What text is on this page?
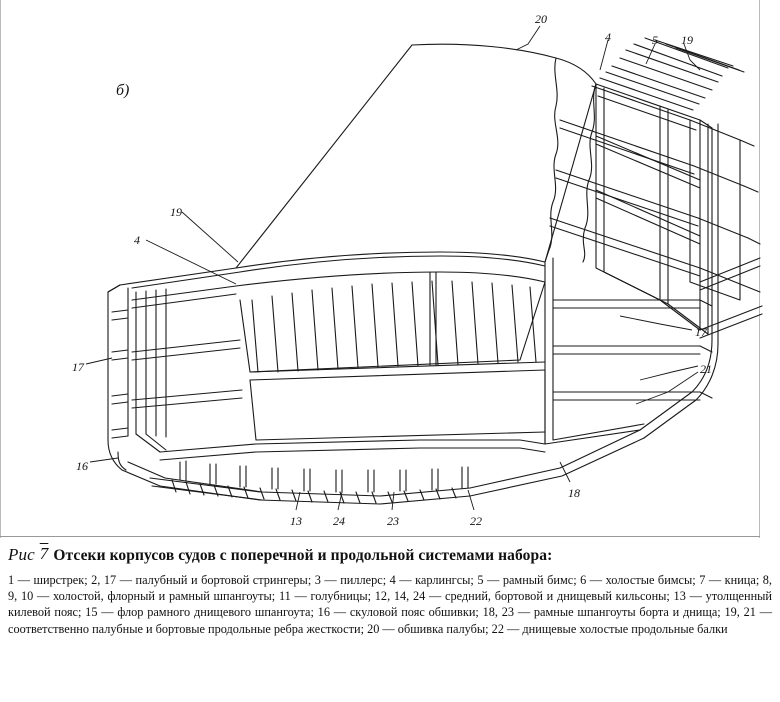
б)
20
4	5 19
19
4
17
21
17
16
18
13	24	23	22
Рис 7 Отсеки корпусов судов с поперечной и продольной системами набора:
1 — ширстрек; 2, 17 — палубный и бортовой стрингеры; 3 — пиллерс; 4 — карлингсы; 5 — рамный бимс; 6 — холостые бимсы; 7 — кница; 8, 9, 10 — холостой, флорный и рамный шпангоуты; 11 — голубницы; 12, 14, 24 — средний, бортовой и днищевый кильсоны; 13 — утолщенный килевой пояс; 15 — флор рамного днищевого шпангоута; 16 — скуловой пояс обшивки; 18, 23 — рамные шпангоуты борта и днища; 19, 21 — соответственно палубные и бортовые продольные ребра жесткости; 20 — обшивка палубы; 22 — днищевые холостые продольные балки
